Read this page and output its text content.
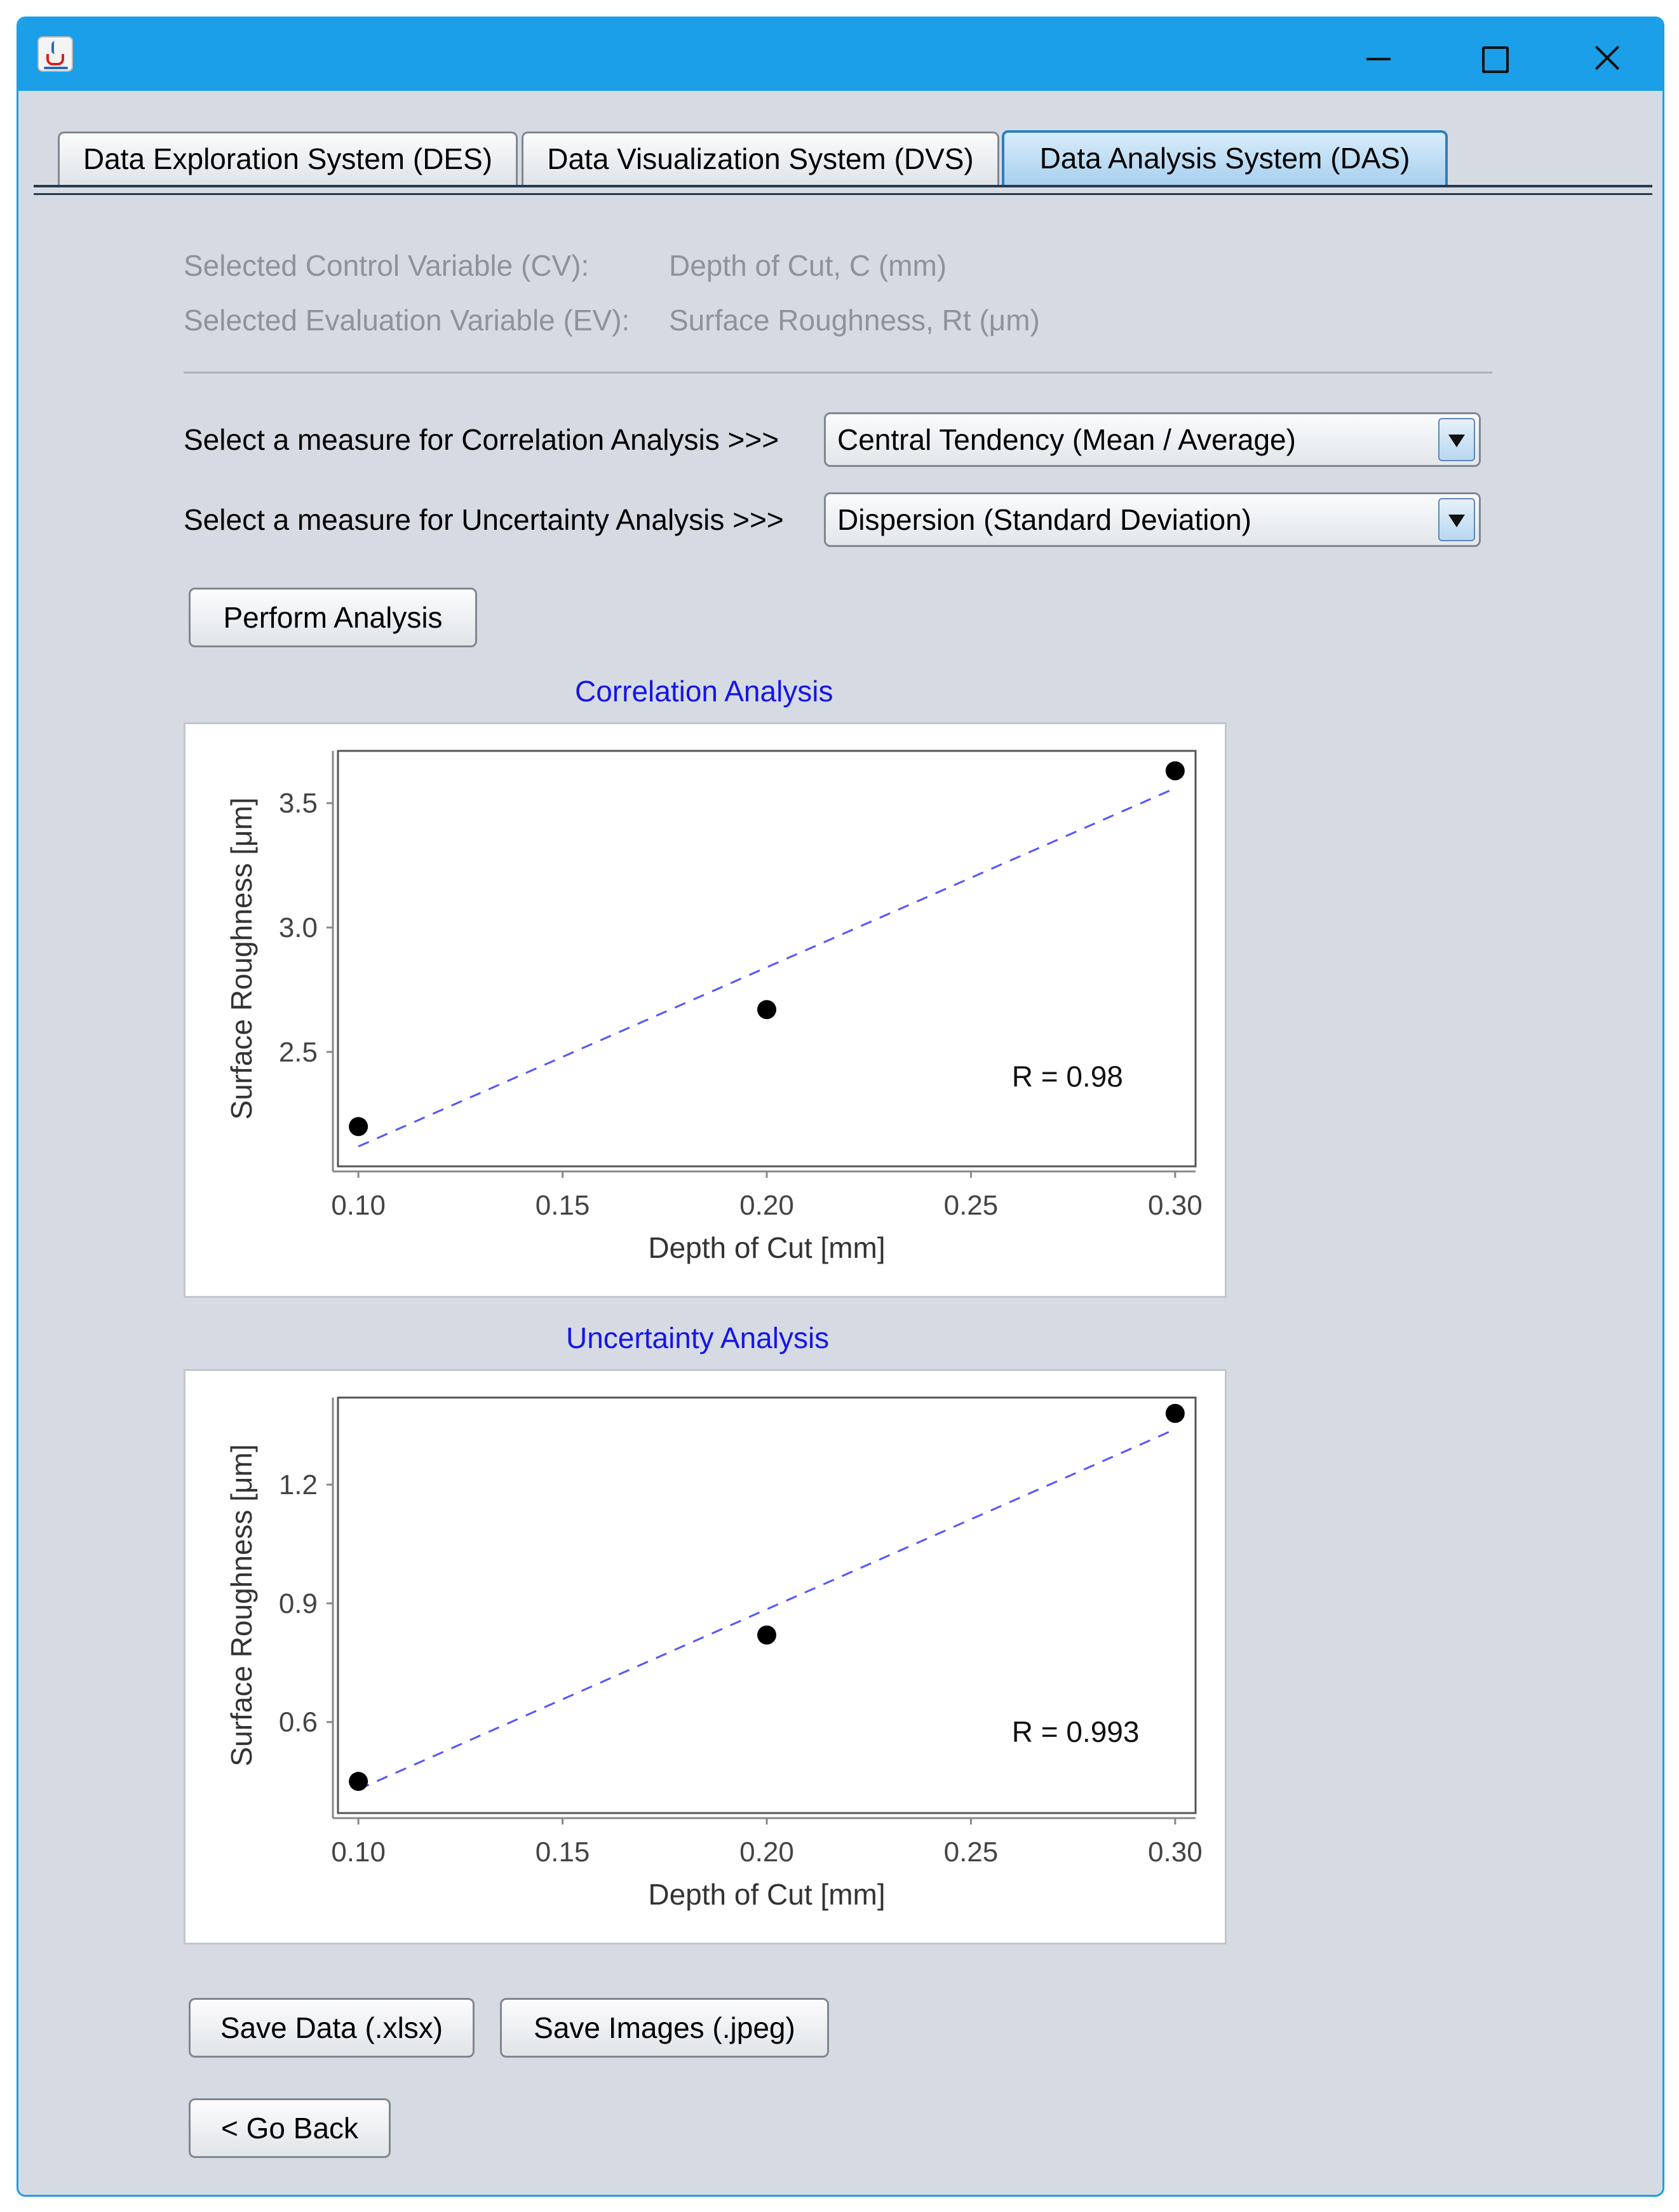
Data Exploration System (DES)	Data Visualization System (DVS)	Data Analysis System (DAS)
Selected Control Variable (CV):	Depth of Cut, C (mm)
Selected Evaluation Variable (EV): Surface Roughness, Rt (μm)
Select a measure for Correlation Analysis >>> Central Tendency (Mean / Average)
Select a measure for Uncertainty Analysis >>> Dispersion (Standard Deviation)
Perform Analysis
Correlation Analysis
0.10	0.15	0.20	0.25	0.30
2.5
3.0
3.5
R = 0.98
Depth of Cut [mm]
Surface Roughness [μm]
Uncertainty Analysis
0.10	0.15	0.20	0.25	0.30
0.6
0.9
1.2
R = 0.993
Depth of Cut [mm]
Surface Roughness [μm]
Save Data (.xlsx)	Save Images (.jpeg)
< Go Back
